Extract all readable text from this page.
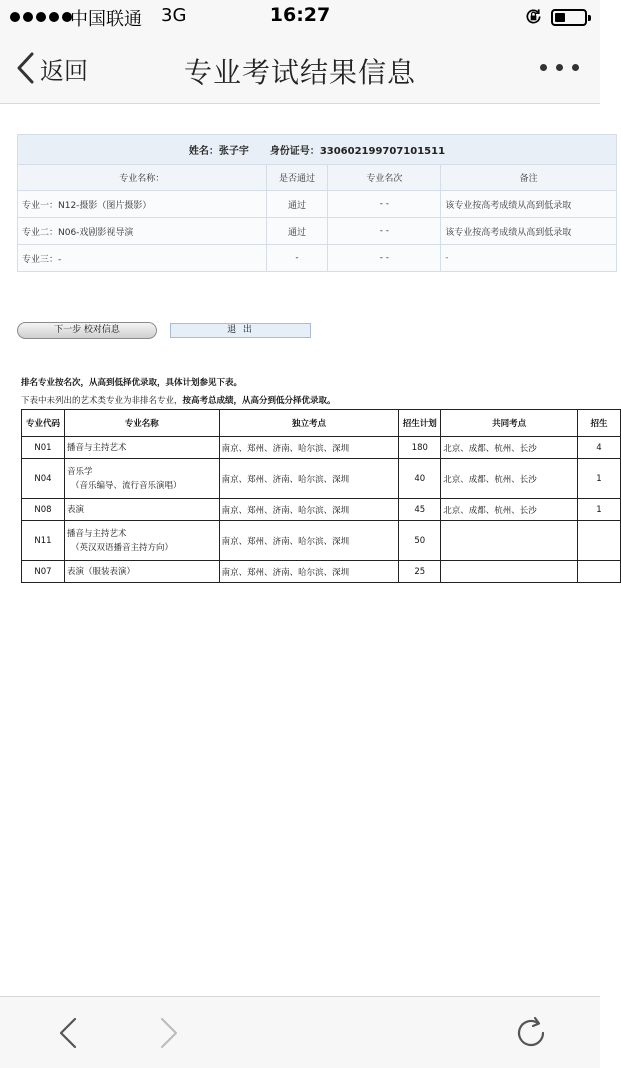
中国联通 3G	16:27
返回	专业考试结果信息
姓名：张子宇 身份证号：330602199707101511			
专业名称：	是否通过	专业名次	备注
专业一：N12-摄影（图片摄影）	通过	- -	该专业按高考成绩从高到低录取
专业二：N06-戏剧影视导演	通过	- -	该专业按高考成绩从高到低录取
专业三：-	-	- -	-
下一步 校对信息	退 出
排名专业按名次，从高到低择优录取，具体计划参见下表。
下表中未列出的艺术类专业为非排名专业，按高考总成绩，从高分到低分择优录取。
专业代码	专业名称	独立考点	招生计划	共同考点	招生
N01	播音与主持艺术	南京、郑州、济南、哈尔滨、深圳	180	北京、成都、杭州、长沙	4
N04	音乐学
（音乐编导、流行音乐演唱）	南京、郑州、济南、哈尔滨、深圳	40	北京、成都、杭州、长沙	1
N08	表演	南京、郑州、济南、哈尔滨、深圳	45	北京、成都、杭州、长沙	1
N11	播音与主持艺术
（英汉双语播音主持方向）	南京、郑州、济南、哈尔滨、深圳	50		
N07	表演（服装表演）	南京、郑州、济南、哈尔滨、深圳	25		
